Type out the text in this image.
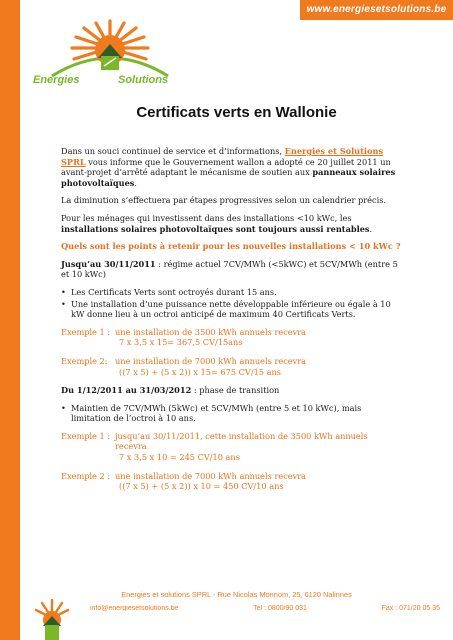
www.energiesetsolutions.be
Energies	Solutions
Certificats verts en Wallonie
Dans un souci continuel de service et d’informations, Energies et Solutions SPRL vous informe que le Gouvernement wallon a adopté ce 20 juillet 2011 un avant-projet d’arrêté adaptant le mécanisme de soutien aux panneaux solaires photovoltaïques.
La diminution s’effectuera par étapes progressives selon un calendrier précis.
Pour les ménages qui investissent dans des installations <10 kWc, les installations solaires photovoltaïques sont toujours aussi rentables.
Quels sont les points à retenir pour les nouvelles installations < 10 kWc ?
Jusqu’au 30/11/2011 : régime actuel 7CV/MWh (<5kWC) et 5CV/MWh (entre 5 et 10 kWc)
• Les Certificats Verts sont octroyés durant 15 ans.
• Une installation d’une puissance nette développable inférieure ou égale à 10 kW donne lieu à un octroi anticipé de maximum 40 Certificats Verts.
Exemple 1 : une installation de 3500 kWh annuels recevra
7 x 3,5 x 15= 367,5 CV/15ans
Exemple 2: une installation de 7000 kWh annuels recevra
((7 x 5) + (5 x 2)) x 15= 675 CV/15 ans
Du 1/12/2011 au 31/03/2012 : phase de transition
• Maintien de 7CV/MWh (5kWc) et 5CV/MWh (entre 5 et 10 kWc), mais limitation de l’octroi à 10 ans.
Exemple 1 : jusqu’au 30/11/2011, cette installation de 3500 kWh annuels recevra
7 x 3,5 x 10 = 245 CV/10 ans
Exemple 2 : une installation de 7000 kWh annuels recevra
((7 x 5) + (5 x 2)) x 10 = 450 CV/10 ans
Energies et solutions SPRL - Rue Nicolas Monnom, 25, 6120 Nalinnes
info@energiesetsolutions.be	Tel : 0800/90 031	Fax : 071/20 05 35
